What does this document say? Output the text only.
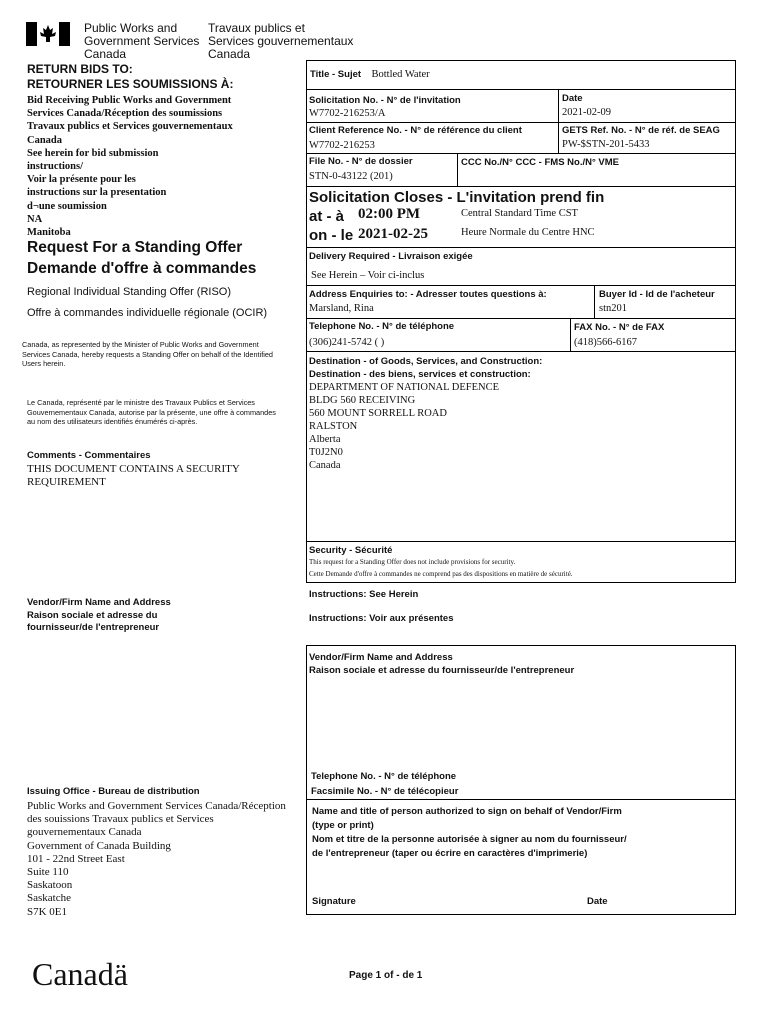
Public Works and
Government Services
Canada
Travaux publics et
Services gouvernementaux
Canada
RETURN BIDS TO:
RETOURNER LES SOUMISSIONS À:
Bid Receiving Public Works and Government
Services Canada/Réception des soumissions
Travaux publics et Services gouvernementaux
Canada
See herein for bid submission
instructions/
Voir la présente pour les
instructions sur la presentation
d¬une soumission
NA
Manitoba
Request For a Standing Offer
Demande d'offre à commandes
Regional Individual Standing Offer (RISO)
Offre à commandes individuelle régionale (OCIR)
Canada, as represented by the Minister of Public Works and Government Services Canada, hereby requests a Standing Offer on behalf of the Identified Users herein.
Le Canada, représenté par le ministre des Travaux Publics et Services Gouvernementaux Canada, autorise par la présente, une offre à commandes au nom des utilisateurs identifiés énumérés ci-après.
Comments - Commentaires
THIS DOCUMENT CONTAINS A SECURITY
REQUIREMENT
Vendor/Firm Name and Address
Raison sociale et adresse du
fournisseur/de l'entrepreneur
Issuing Office - Bureau de distribution
Public Works and Government Services Canada/Réception
des souissions Travaux publics et Services
gouvernementaux Canada
Government of Canada Building
101 - 22nd Street East
Suite 110
Saskatoon
Saskatche
S7K 0E1
Title - Sujet Bottled Water
Solicitation No. - N° de l'invitation
W7702-216253/A
Date
2021-02-09
Client Reference No. - N° de référence du client
W7702-216253
GETS Ref. No. - N° de réf. de SEAG
PW-$STN-201-5433
File No. - N° de dossier
STN-0-43122 (201)
CCC No./N° CCC - FMS No./N° VME
Solicitation Closes - L'invitation prend fin
at - à 02:00 PM
on - le 2021-02-25
Central Standard Time CST
Heure Normale du Centre HNC
Delivery Required - Livraison exigée
See Herein – Voir ci-inclus
Address Enquiries to: - Adresser toutes questions à:
Marsland, Rina
Buyer Id - Id de l'acheteur
stn201
Telephone No. - N° de téléphone
(306)241-5742 ( )
FAX No. - N° de FAX
(418)566-6167
Destination - of Goods, Services, and Construction:
Destination - des biens, services et construction:
DEPARTMENT OF NATIONAL DEFENCE
BLDG 560 RECEIVING
560 MOUNT SORRELL ROAD
RALSTON
Alberta
T0J2N0
Canada
Security - Sécurité
This request for a Standing Offer does not include provisions for security.
Cette Demande d'offre à commandes ne comprend pas des dispositions en matière de sécurité.
Instructions: See Herein
Instructions: Voir aux présentes
Vendor/Firm Name and Address
Raison sociale et adresse du fournisseur/de l'entrepreneur
Telephone No. - N° de téléphone
Facsimile No. - N° de télécopieur
Name and title of person authorized to sign on behalf of Vendor/Firm
(type or print)
Nom et titre de la personne autorisée à signer au nom du fournisseur/
de l'entrepreneur (taper ou écrire en caractères d'imprimerie)
Signature	Date
Canadä	Page 1 of - de 1
